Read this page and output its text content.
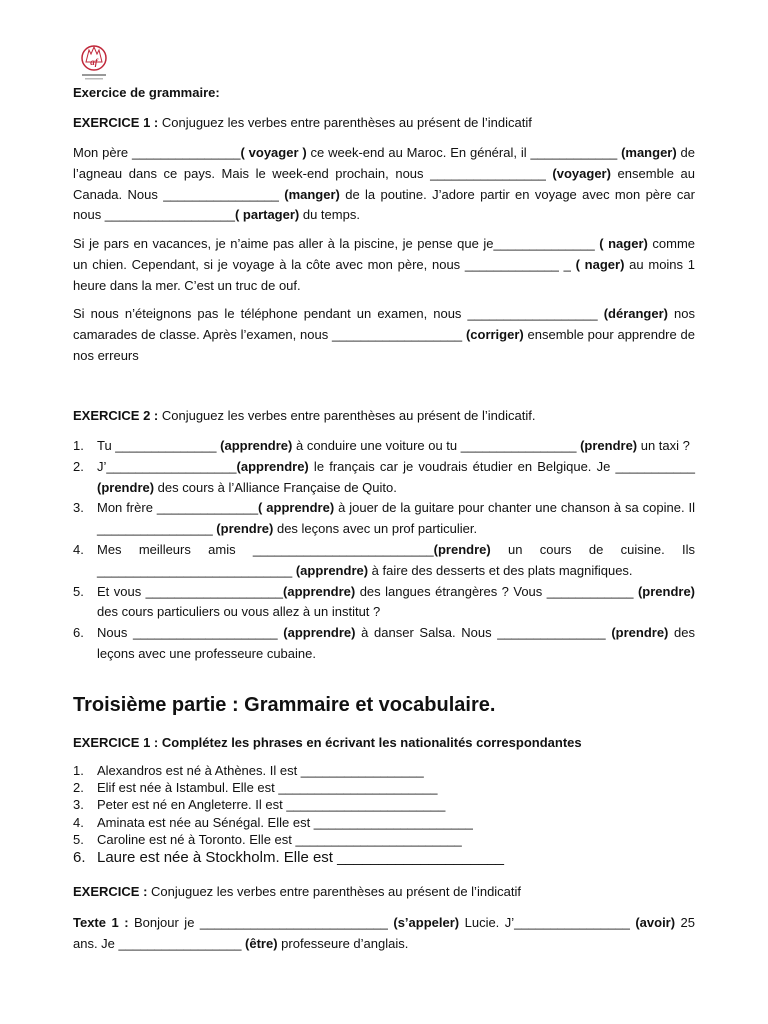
af
Exercice de grammaire:
EXERCICE 1 : Conjuguez les verbes entre parenthèses au présent de l’indicatif
Mon père _______________( voyager ) ce week-end au Maroc. En général, il ____________ (manger) de l’agneau dans ce pays. Mais le week-end prochain, nous ________________ (voyager) ensemble au Canada. Nous ________________ (manger) de la poutine. J’adore partir en voyage avec mon père car nous __________________( partager) du temps.
Si je pars en vacances, je n’aime pas aller à la piscine, je pense que je______________ ( nager) comme un chien. Cependant, si je voyage à la côte avec mon père, nous _____________ _ ( nager) au moins 1 heure dans la mer. C’est un truc de ouf.
Si nous n’éteignons pas le téléphone pendant un examen, nous __________________ (déranger) nos camarades de classe. Après l’examen, nous __________________ (corriger) ensemble pour apprendre de nos erreurs
EXERCICE 2 : Conjuguez les verbes entre parenthèses au présent de l’indicatif.
1. Tu ______________ (apprendre) à conduire une voiture ou tu ________________ (prendre) un taxi ?
2. J’__________________(apprendre) le français car je voudrais étudier en Belgique. Je ___________ (prendre) des cours à l’Alliance Française de Quito.
3. Mon frère ______________( apprendre) à jouer de la guitare pour chanter une chanson à sa copine. Il ________________ (prendre) des leçons avec un prof particulier.
4. Mes meilleurs amis _________________________(prendre) un cours de cuisine. Ils ___________________________ (apprendre) à faire des desserts et des plats magnifiques.
5. Et vous ___________________(apprendre) des langues étrangères ? Vous ____________ (prendre) des cours particuliers ou vous allez à un institut ?
6. Nous ____________________ (apprendre) à danser Salsa. Nous _______________ (prendre) des leçons avec une professeure cubaine.
Troisième partie : Grammaire et vocabulaire.
EXERCICE 1 : Complétez les phrases en écrivant les nationalités correspondantes
1. Alexandros est né à Athènes. Il est _________________
2. Elif est née à Istambul. Elle est ______________________
3. Peter est né en Angleterre. Il est ______________________
4. Aminata est née au Sénégal. Elle est ______________________
5. Caroline est né à Toronto. Elle est _______________________
6. Laure est née à Stockholm. Elle est ____________________
EXERCICE : Conjuguez les verbes entre parenthèses au présent de l’indicatif
Texte 1 : Bonjour je __________________________ (s’appeler) Lucie. J’________________ (avoir) 25 ans. Je _________________ (être) professeure d’anglais.
